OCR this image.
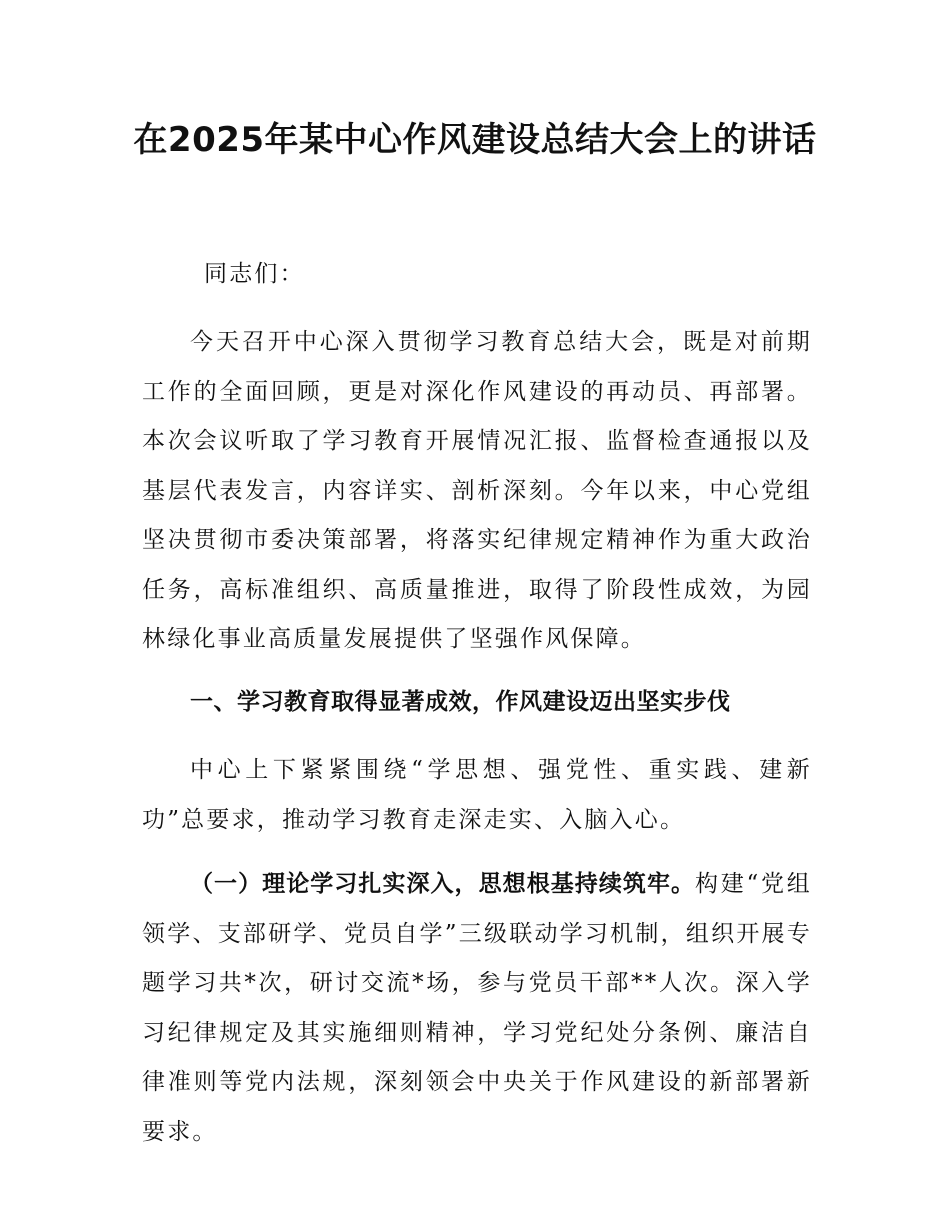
在2025年某中心作风建设总结大会上的讲话

同志们：

今天召开中心深入贯彻学习教育总结大会，既是对前期工作的全面回顾，更是对深化作风建设的再动员、再部署。本次会议听取了学习教育开展情况汇报、监督检查通报以及基层代表发言，内容详实、剖析深刻。今年以来，中心党组坚决贯彻市委决策部署，将落实纪律规定精神作为重大政治任务，高标准组织、高质量推进，取得了阶段性成效，为园林绿化事业高质量发展提供了坚强作风保障。

一、学习教育取得显著成效，作风建设迈出坚实步伐

中心上下紧紧围绕“学思想、强党性、重实践、建新功”总要求，推动学习教育走深走实、入脑入心。

（一）理论学习扎实深入，思想根基持续筑牢。构建“党组领学、支部研学、党员自学”三级联动学习机制，组织开展专题学习共*次，研讨交流*场，参与党员干部**人次。深入学习纪律规定及其实施细则精神，学习党纪处分条例、廉洁自律准则等党内法规，深刻领会中央关于作风建设的新部署新要求。
